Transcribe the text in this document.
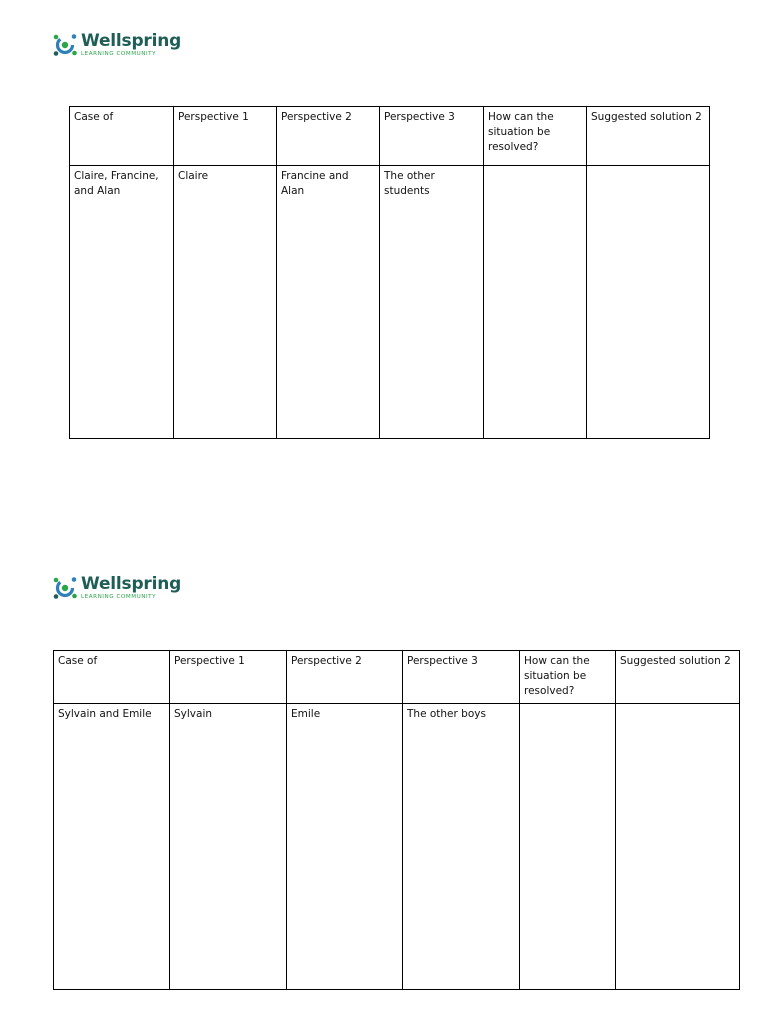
Wellspring
LEARNING COMMUNITY
Case of	Perspective 1	Perspective 2	Perspective 3	How can the situation be resolved?	Suggested solution 2
Claire, Francine, and Alan	Claire	Francine and Alan	The other students		
Wellspring
LEARNING COMMUNITY
Case of	Perspective 1	Perspective 2	Perspective 3	How can the situation be resolved?	Suggested solution 2
Sylvain and Emile	Sylvain	Emile	The other boys		
